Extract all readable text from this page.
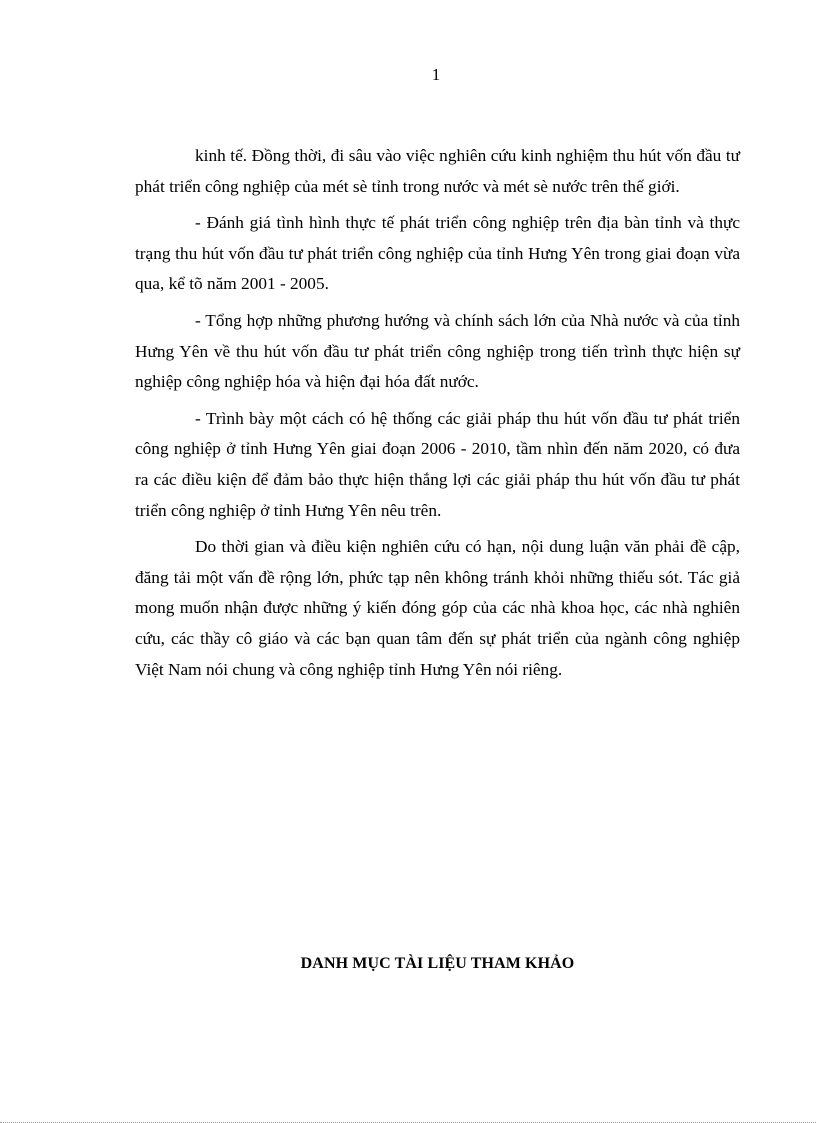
1

kinh tế. Đồng thời, đi sâu vào việc nghiên cứu kinh nghiệm thu hút vốn đầu tư phát triển công nghiệp của mét sè tỉnh trong nước và mét sè nước trên thế giới.

- Đánh giá tình hình thực tế phát triển công nghiệp trên địa bàn tỉnh và thực trạng thu hút vốn đầu tư phát triển công nghiệp của tỉnh Hưng Yên trong giai đoạn vừa qua, kể tõ năm 2001 - 2005.

- Tổng hợp những phương hướng và chính sách lớn của Nhà nước và của tỉnh Hưng Yên về thu hút vốn đầu tư phát triển công nghiệp trong tiến trình thực hiện sự nghiệp công nghiệp hóa và hiện đại hóa đất nước.

- Trình bày một cách có hệ thống các giải pháp thu hút vốn đầu tư phát triển công nghiệp ở tỉnh Hưng Yên giai đoạn 2006 - 2010, tầm nhìn đến năm 2020, có đưa ra các điều kiện để đảm bảo thực hiện thắng lợi các giải pháp thu hút vốn đầu tư phát triển công nghiệp ở tỉnh Hưng Yên nêu trên.

Do thời gian và điều kiện nghiên cứu có hạn, nội dung luận văn phải đề cập, đăng tải một vấn đề rộng lớn, phức tạp nên không tránh khỏi những thiếu sót. Tác giả mong muốn nhận được những ý kiến đóng góp của các nhà khoa học, các nhà nghiên cứu, các thầy cô giáo và các bạn quan tâm đến sự phát triển của ngành công nghiệp Việt Nam nói chung và công nghiệp tỉnh Hưng Yên nói riêng.

DANH MỤC TÀI LIỆU THAM KHẢO
